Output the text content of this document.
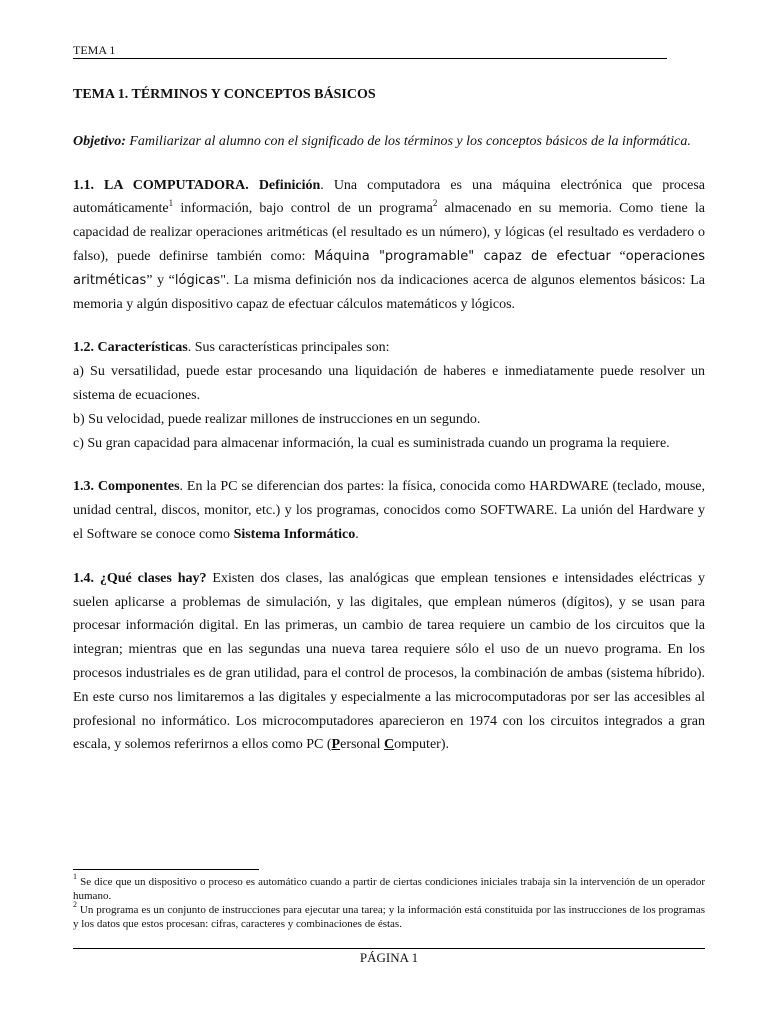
TEMA 1

TEMA 1. TÉRMINOS Y CONCEPTOS BÁSICOS

Objetivo: Familiarizar al alumno con el significado de los términos y los conceptos básicos de la informática.

1.1. LA COMPUTADORA. Definición. Una computadora es una máquina electrónica que procesa automáticamente$^1$ información, bajo control de un programa$^2$ almacenado en su memoria. Como tiene la capacidad de realizar operaciones aritméticas (el resultado es un número), y lógicas (el resultado es verdadero o falso), puede definirse también como: Máquina "programable" capaz de efectuar “operaciones aritméticas” y “lógicas". La misma definición nos da indicaciones acerca de algunos elementos básicos: La memoria y algún dispositivo capaz de efectuar cálculos matemáticos y lógicos.

1.2. Características. Sus características principales son:
a) Su versatilidad, puede estar procesando una liquidación de haberes e inmediatamente puede resolver un sistema de ecuaciones.
b) Su velocidad, puede realizar millones de instrucciones en un segundo.
c) Su gran capacidad para almacenar información, la cual es suministrada cuando un programa la requiere.

1.3. Componentes. En la PC se diferencian dos partes: la física, conocida como HARDWARE (teclado, mouse, unidad central, discos, monitor, etc.) y los programas, conocidos como SOFTWARE. La unión del Hardware y el Software se conoce como Sistema Informático.

1.4. ¿Qué clases hay? Existen dos clases, las analógicas que emplean tensiones e intensidades eléctricas y suelen aplicarse a problemas de simulación, y las digitales, que emplean números (dígitos), y se usan para procesar información digital. En las primeras, un cambio de tarea requiere un cambio de los circuitos que la integran; mientras que en las segundas una nueva tarea requiere sólo el uso de un nuevo programa. En los procesos industriales es de gran utilidad, para el control de procesos, la combinación de ambas (sistema híbrido). En este curso nos limitaremos a las digitales y especialmente a las microcomputadoras por ser las accesibles al profesional no informático. Los microcomputadores aparecieron en 1974 con los circuitos integrados a gran escala, y solemos referirnos a ellos como PC (Personal Computer).

$^1$ Se dice que un dispositivo o proceso es automático cuando a partir de ciertas condiciones iniciales trabaja sin la intervención de un operador humano.

$^2$ Un programa es un conjunto de instrucciones para ejecutar una tarea; y la información está constituida por las instrucciones de los programas y los datos que estos procesan: cifras, caracteres y combinaciones de éstas.

PÁGINA 1
